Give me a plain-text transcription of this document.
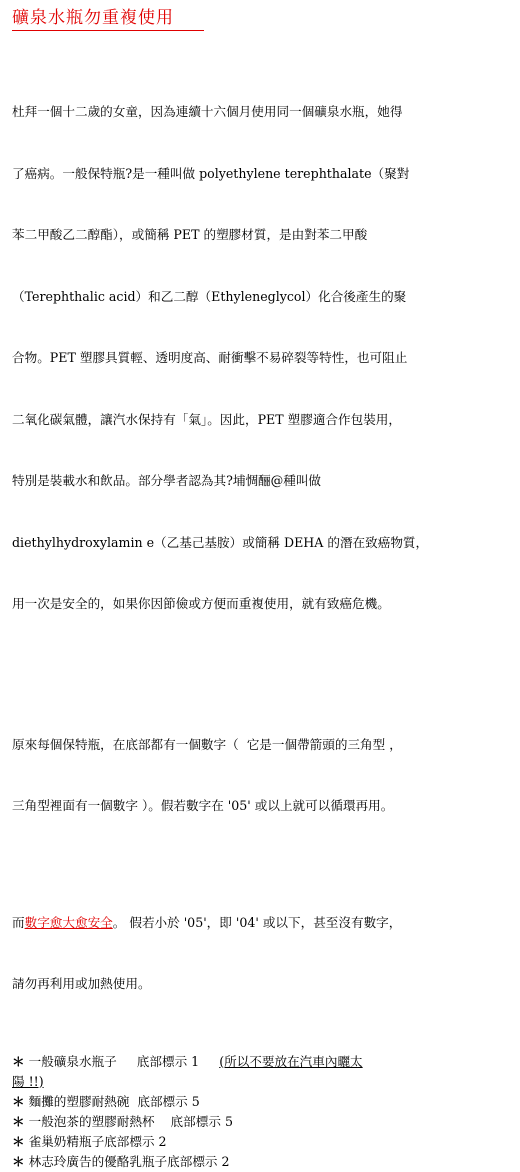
礦泉水瓶勿重複使用

杜拜一個十二歲的女童，因為連續十六個月使用同一個礦泉水瓶，她得

了癌病。一般保特瓶?是一種叫做 polyethylene terephthalate（聚對

苯二甲酸乙二醇酯），或簡稱 PET 的塑膠材質，是由對苯二甲酸

（Terephthalic acid）和乙二醇（Ethyleneglycol）化合後產生的聚

合物。PET 塑膠具質輕、透明度高、耐衝擊不易碎裂等特性，也可阻止

二氧化碳氣體，讓汽水保持有「氣」。因此，PET 塑膠適合作包裝用，

特別是裝載水和飲品。部分學者認為其?埔惆酾@種叫做

diethylhydroxylamin e（乙基己基胺）或簡稱 DEHA 的潛在致癌物質，

用一次是安全的，如果你因節儉或方便而重複使用，就有致癌危機。

原來每個保特瓶，在底部都有一個數字（  它是一個帶箭頭的三角型 ，

三角型裡面有一個數字 ）。假若數字在 '05' 或以上就可以循環再用。

而數字愈大愈安全。 假若小於 '05'，即 '04' 或以下，甚至沒有數字，

請勿再利用或加熱使用。

＊ 一般礦泉水瓶子     底部標示 1     (所以不要放在汽車內曬太
陽 !!)
＊ 麵攤的塑膠耐熱碗  底部標示 5
＊ 一般泡茶的塑膠耐熱杯    底部標示 5
＊ 雀巢奶精瓶子底部標示 2
＊ 林志玲廣告的優酪乳瓶子底部標示 2
